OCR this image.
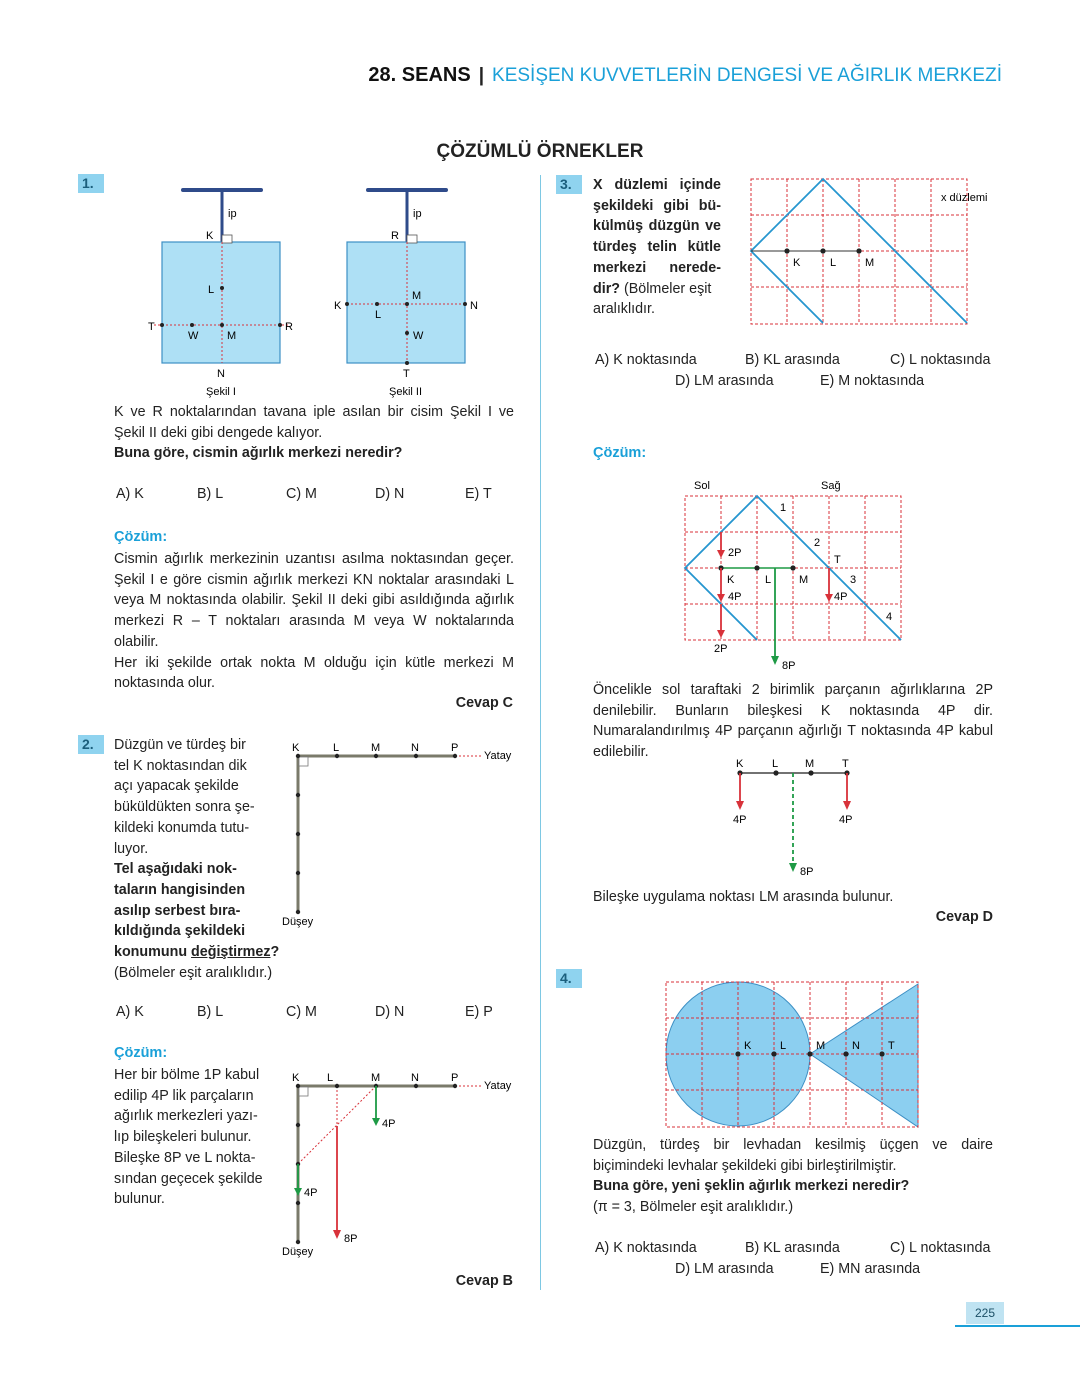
28. SEANS | KESİŞEN KUVVETLERİN DENGESİ VE AĞIRLIK MERKEZİ
ÇÖZÜMLÜ ÖRNEKLER
1.
ip
K
L
T
W	M
R
N
Şekil I
ip
R
K
M
N
L
W
T
Şekil II
K ve R noktalarından tavana iple asılan bir cisim Şekil I ve Şekil II deki gibi dengede kalıyor.
Buna göre, cismin ağırlık merkezi neredir?
A) K	B) L	C) M	D) N	E) T
Çözüm:
Cismin ağırlık merkezinin uzantısı asılma noktasından geçer. Şekil I e göre cismin ağırlık merkezi KN noktalar arasındaki L veya M noktasında olabilir. Şekil II deki gibi asıldığında ağırlık merkezi R – T noktaları arasında M veya W noktalarında olabilir.
Her iki şekilde ortak nokta M olduğu için kütle merkezi M noktasında olur.
Cevap C
2.	Düzgün ve türdeş bir
tel K noktasından dik
açı yapacak şekilde
büküldükten sonra şe-
kildeki konumda tutu-
luyor.
Tel aşağıdaki nok-
taların hangisinden
asılıp serbest bıra-
kıldığında şekildeki
konumunu değiştirmez?
(Bölmeler eşit aralıklıdır.)
K	L	M	N	P
Yatay
Düşey
A) K	B) L	C) M	D) N	E) P
Çözüm:
Her bir bölme 1P kabul
edilip 4P lik parçaların
ağırlık merkezleri yazı-
lıp bileşkeleri bulunur.
Bileşke 8P ve L nokta-
sından geçecek şekilde
bulunur.
K	L	M	N	P
Yatay
4P
4P
8P
Düşey
Cevap B
3.	X düzlemi içinde
şekildeki gibi bü-
külmüş düzgün ve
türdeş telin kütle
merkezi nerede-
dir? (Bölmeler eşit
aralıklıdır.
K	L	M
x düzlemi
A) K noktasında	B) KL arasında	C) L noktasında
D) LM arasında	E) M noktasında
Çözüm:
Sol	Sağ
1
2
T
3
4
2P
K	L	M
4P	4P
2P
8P
Öncelikle sol taraftaki 2 birimlik parçanın ağırlıklarına 2P denilebilir. Bunların bileşkesi K noktasında 4P dir. Numaralandırılmış 4P parçanın ağırlığı T noktasında 4P kabul edilebilir.
K	L M	T
4P	4P
8P
Bileşke uygulama noktası LM arasında bulunur.
Cevap D
4.
K	L	M N	T
Düzgün, türdeş bir levhadan kesilmiş üçgen ve daire biçimindeki levhalar şekildeki gibi birleştirilmiştir.
Buna göre, yeni şeklin ağırlık merkezi neredir?
(π = 3, Bölmeler eşit aralıklıdır.)
A) K noktasında	B) KL arasında	C) L noktasında
D) LM arasında	E) MN arasında
225
